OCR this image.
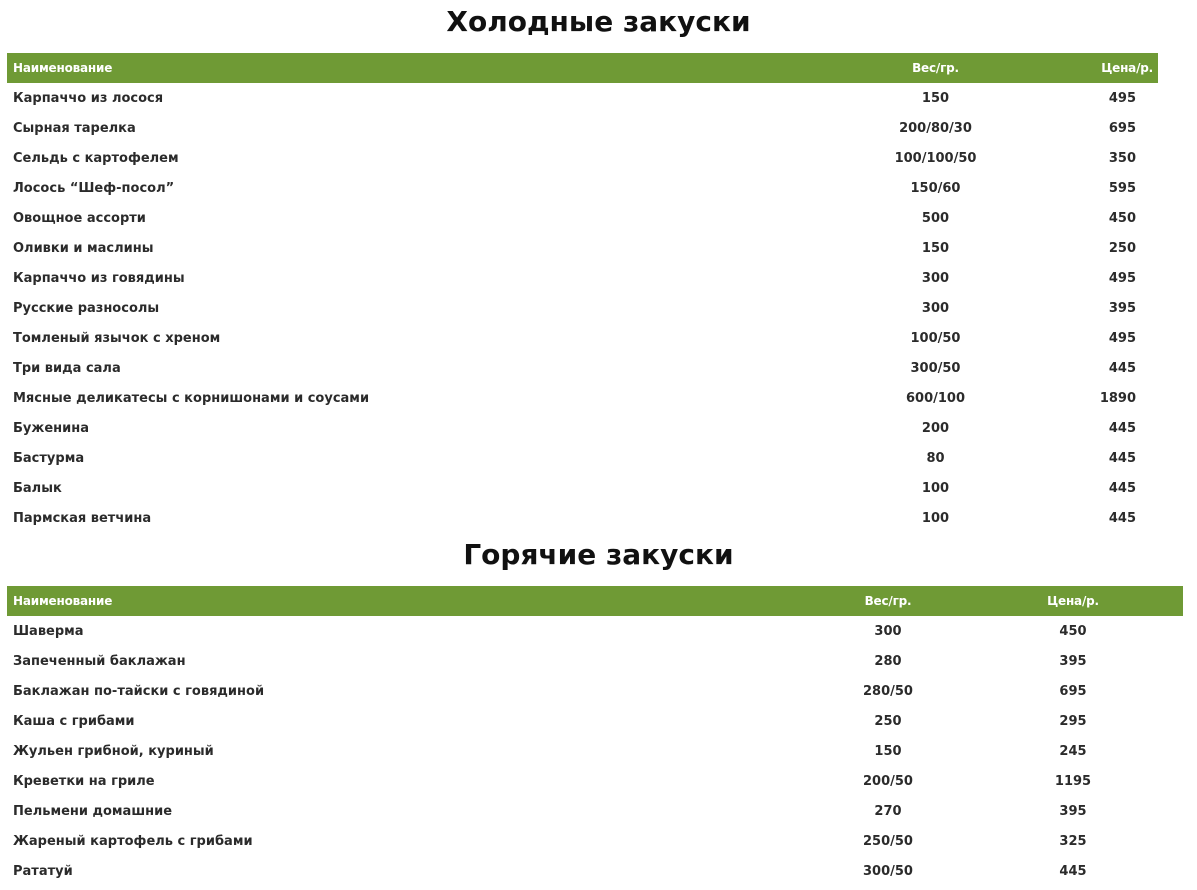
Холодные закуски
Наименование	Вес/гр.	Цена/р.
Карпаччо из лосося	150	495
Сырная тарелка	200/80/30	695
Сельдь с картофелем	100/100/50	350
Лосось “Шеф-посол”	150/60	595
Овощное ассорти	500	450
Оливки и маслины	150	250
Карпаччо из говядины	300	495
Русские разносолы	300	395
Томленый язычок с хреном	100/50	495
Три вида сала	300/50	445
Мясные деликатесы с корнишонами и соусами	600/100	1890
Буженина	200	445
Бастурма	80	445
Балык	100	445
Пармская ветчина	100	445
Горячие закуски
Наименование	Вес/гр.	Цена/р.
Шаверма	300	450
Запеченный баклажан	280	395
Баклажан по-тайски с говядиной	280/50	695
Каша с грибами	250	295
Жульен грибной, куриный	150	245
Креветки на гриле	200/50	1195
Пельмени домашние	270	395
Жареный картофель с грибами	250/50	325
Рататуй	300/50	445
